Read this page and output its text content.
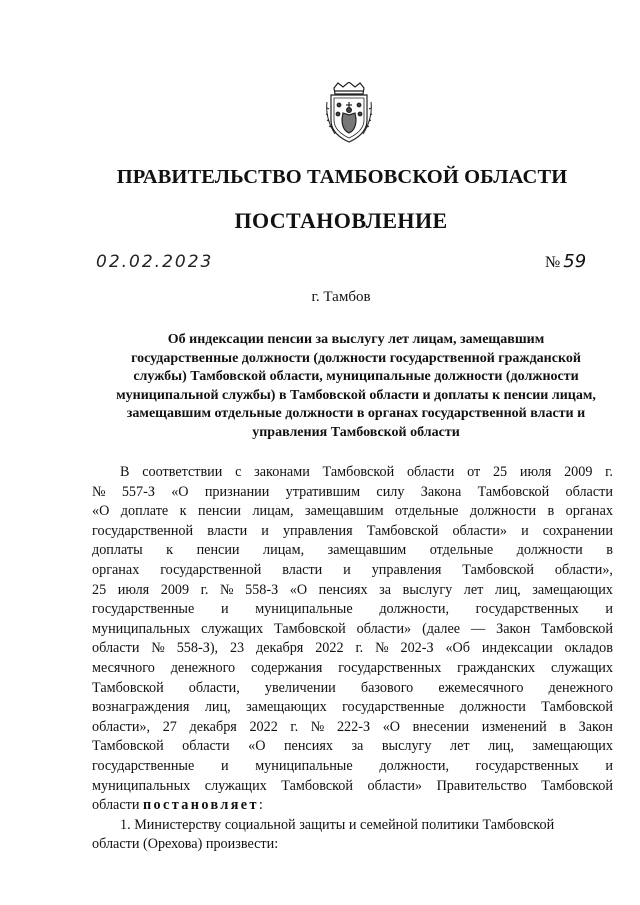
ПРАВИТЕЛЬСТВО ТАМБОВСКОЙ ОБЛАСТИ
ПОСТАНОВЛЕНИЕ
02.02.2023	№ 59
г. Тамбов
Об индексации пенсии за выслугу лет лицам, замещавшим
государственные должности (должности государственной гражданской
службы) Тамбовской области, муниципальные должности (должности
муниципальной службы) в Тамбовской области и доплаты к пенсии лицам,
замещавшим отдельные должности в органах государственной власти и
управления Тамбовской области
В соответствии с законами Тамбовской области от 25 июля 2009 г.
№ 557-З «О признании утратившим силу Закона Тамбовской области
«О доплате к пенсии лицам, замещавшим отдельные должности в органах
государственной власти и управления Тамбовской области» и сохранении
доплаты к пенсии лицам, замещавшим отдельные должности в
органах государственной власти и управления Тамбовской области»,
25 июля 2009 г. № 558-З «О пенсиях за выслугу лет лиц, замещающих
государственные и муниципальные должности, государственных и
муниципальных служащих Тамбовской области» (далее — Закон Тамбовской
области № 558-З), 23 декабря 2022 г. № 202-З «Об индексации окладов
месячного денежного содержания государственных гражданских служащих
Тамбовской области, увеличении базового ежемесячного денежного
вознаграждения лиц, замещающих государственные должности Тамбовской
области», 27 декабря 2022 г. № 222-З «О внесении изменений в Закон
Тамбовской области «О пенсиях за выслугу лет лиц, замещающих
государственные и муниципальные должности, государственных и
муниципальных служащих Тамбовской области» Правительство Тамбовской
области постановляет :
1. Министерству социальной защиты и семейной политики Тамбовской
области (Орехова) произвести:
